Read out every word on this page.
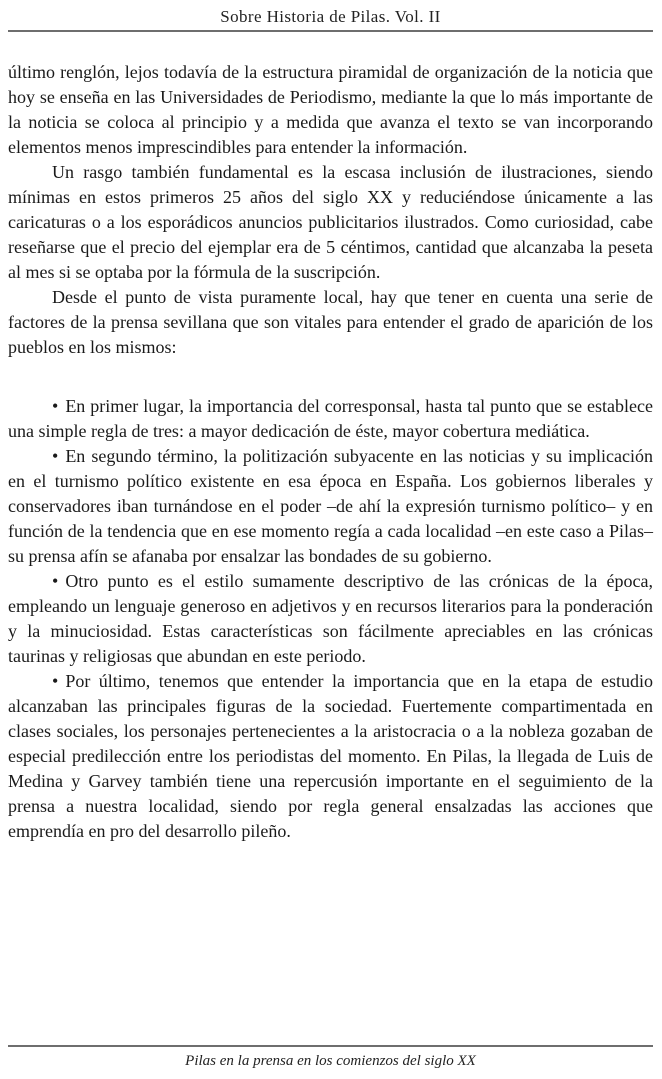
Sobre Historia de Pilas. Vol. II

último renglón, lejos todavía de la estructura piramidal de organización de la noticia que hoy se enseña en las Universidades de Periodismo, mediante la que lo más importante de la noticia se coloca al principio y a medida que avanza el texto se van incorporando elementos menos imprescindibles para entender la información.

Un rasgo también fundamental es la escasa inclusión de ilustraciones, siendo mínimas en estos primeros 25 años del siglo XX y reduciéndose únicamente a las caricaturas o a los esporádicos anuncios publicitarios ilustrados. Como curiosidad, cabe reseñarse que el precio del ejemplar era de 5 céntimos, cantidad que alcanzaba la peseta al mes si se optaba por la fórmula de la suscripción.

Desde el punto de vista puramente local, hay que tener en cuenta una serie de factores de la prensa sevillana que son vitales para entender el grado de aparición de los pueblos en los mismos:

• En primer lugar, la importancia del corresponsal, hasta tal punto que se establece una simple regla de tres: a mayor dedicación de éste, mayor cobertura mediática.

• En segundo término, la politización subyacente en las noticias y su implicación en el turnismo político existente en esa época en España. Los gobiernos liberales y conservadores iban turnándose en el poder –de ahí la expresión turnismo político– y en función de la tendencia que en ese momento regía a cada localidad –en este caso a Pilas– su prensa afín se afanaba por ensalzar las bondades de su gobierno.

• Otro punto es el estilo sumamente descriptivo de las crónicas de la época, empleando un lenguaje generoso en adjetivos y en recursos literarios para la ponderación y la minuciosidad. Estas características son fácilmente apreciables en las crónicas taurinas y religiosas que abundan en este periodo.

• Por último, tenemos que entender la importancia que en la etapa de estudio alcanzaban las principales figuras de la sociedad. Fuertemente compartimentada en clases sociales, los personajes pertenecientes a la aristocracia o a la nobleza gozaban de especial predilección entre los periodistas del momento. En Pilas, la llegada de Luis de Medina y Garvey también tiene una repercusión importante en el seguimiento de la prensa a nuestra localidad, siendo por regla general ensalzadas las acciones que emprendía en pro del desarrollo pileño.

Pilas en la prensa en los comienzos del siglo XX
